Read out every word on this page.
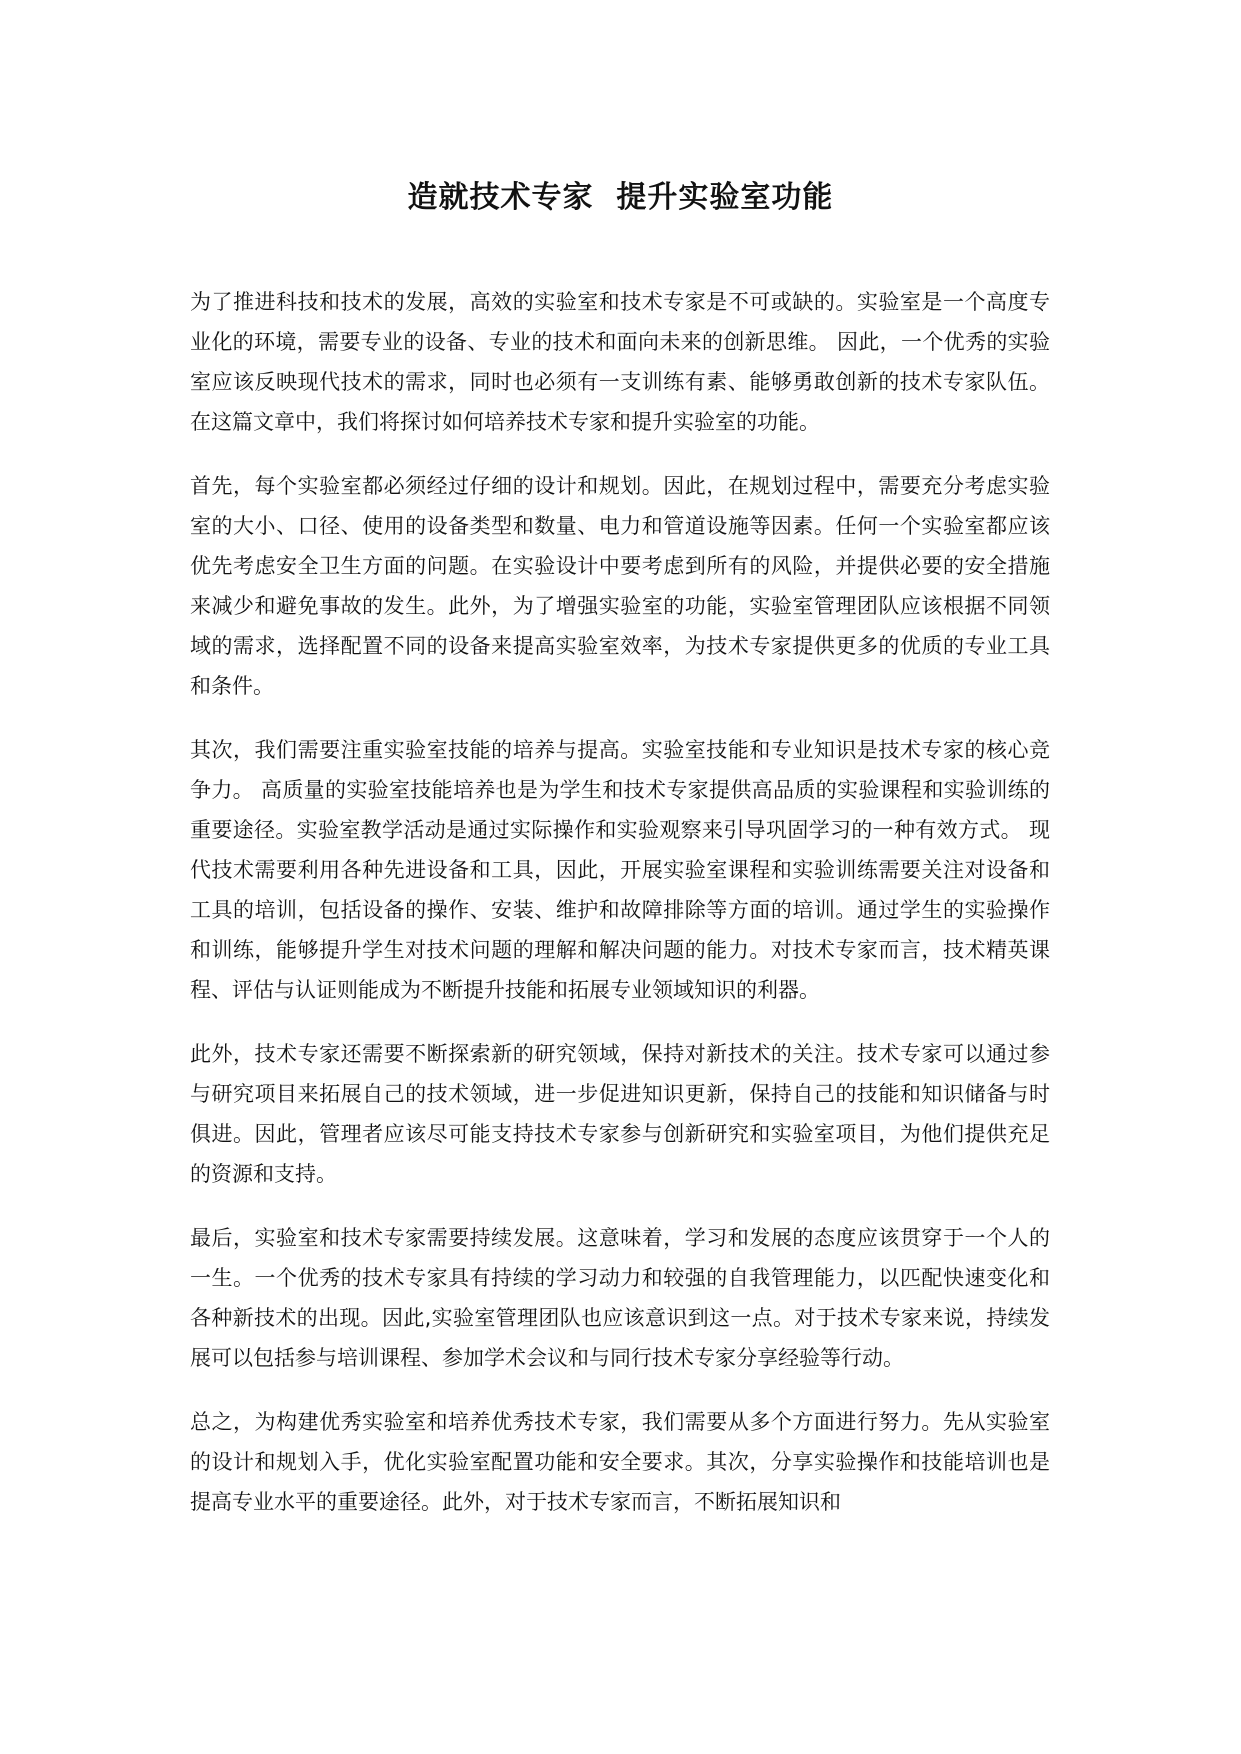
造就技术专家  提升实验室功能

为了推进科技和技术的发展，高效的实验室和技术专家是不可或缺的。实验室是一个高度专业化的环境，需要专业的设备、专业的技术和面向未来的创新思维。 因此，一个优秀的实验室应该反映现代技术的需求，同时也必须有一支训练有素、能够勇敢创新的技术专家队伍。在这篇文章中，我们将探讨如何培养技术专家和提升实验室的功能。

首先，每个实验室都必须经过仔细的设计和规划。因此，在规划过程中，需要充分考虑实验室的大小、口径、使用的设备类型和数量、电力和管道设施等因素。任何一个实验室都应该优先考虑安全卫生方面的问题。在实验设计中要考虑到所有的风险，并提供必要的安全措施来减少和避免事故的发生。此外，为了增强实验室的功能，实验室管理团队应该根据不同领域的需求，选择配置不同的设备来提高实验室效率，为技术专家提供更多的优质的专业工具和条件。

其次，我们需要注重实验室技能的培养与提高。实验室技能和专业知识是技术专家的核心竞争力。 高质量的实验室技能培养也是为学生和技术专家提供高品质的实验课程和实验训练的重要途径。实验室教学活动是通过实际操作和实验观察来引导巩固学习的一种有效方式。 现代技术需要利用各种先进设备和工具，因此，开展实验室课程和实验训练需要关注对设备和工具的培训，包括设备的操作、安装、维护和故障排除等方面的培训。通过学生的实验操作和训练，能够提升学生对技术问题的理解和解决问题的能力。对技术专家而言，技术精英课程、评估与认证则能成为不断提升技能和拓展专业领域知识的利器。

此外，技术专家还需要不断探索新的研究领域，保持对新技术的关注。技术专家可以通过参与研究项目来拓展自己的技术领域，进一步促进知识更新，保持自己的技能和知识储备与时俱进。因此，管理者应该尽可能支持技术专家参与创新研究和实验室项目，为他们提供充足的资源和支持。

最后，实验室和技术专家需要持续发展。这意味着，学习和发展的态度应该贯穿于一个人的一生。一个优秀的技术专家具有持续的学习动力和较强的自我管理能力，以匹配快速变化和各种新技术的出现。因此,实验室管理团队也应该意识到这一点。对于技术专家来说，持续发展可以包括参与培训课程、参加学术会议和与同行技术专家分享经验等行动。

总之，为构建优秀实验室和培养优秀技术专家，我们需要从多个方面进行努力。先从实验室的设计和规划入手，优化实验室配置功能和安全要求。其次，分享实验操作和技能培训也是提高专业水平的重要途径。此外，对于技术专家而言，不断拓展知识和
